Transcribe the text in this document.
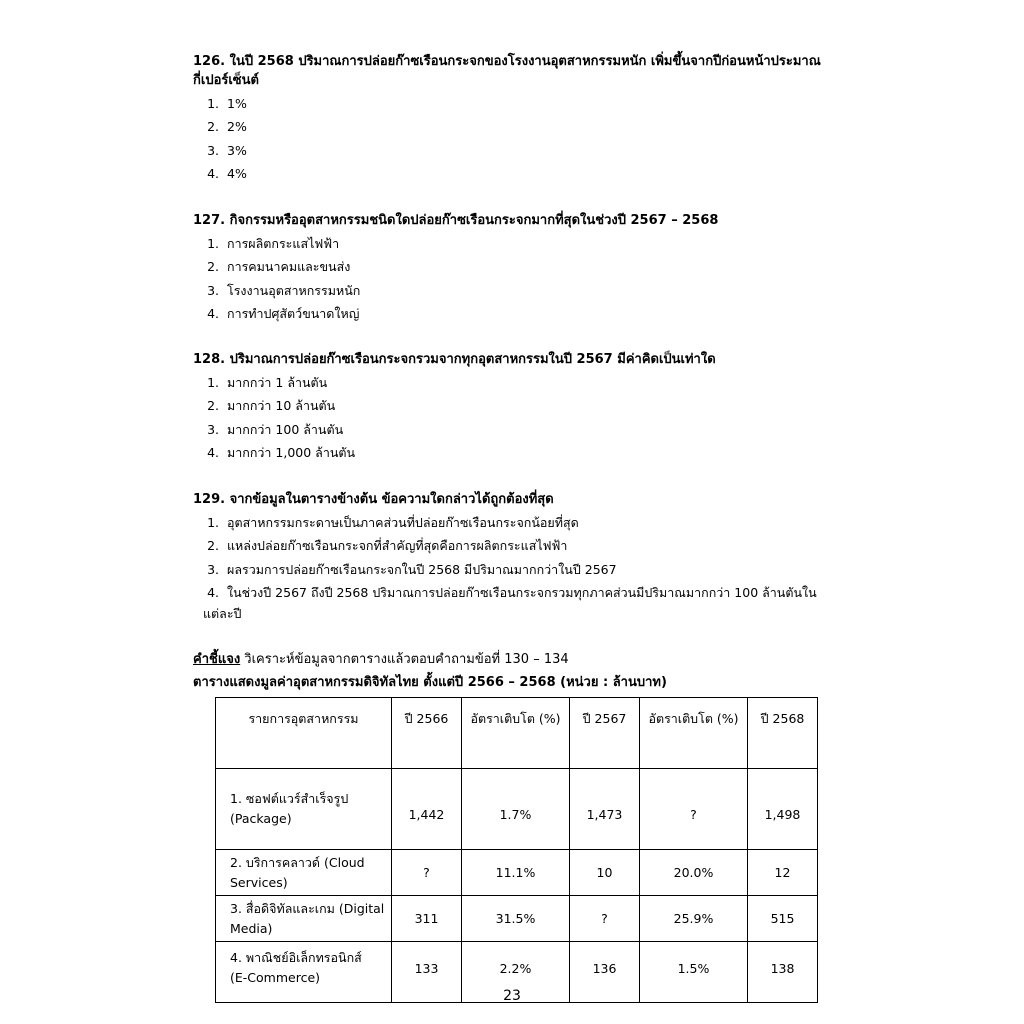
126. ในปี 2568 ปริมาณการปล่อยก๊าซเรือนกระจกของโรงงานอุตสาหกรรมหนัก เพิ่มขึ้นจากปีก่อนหน้าประมาณกี่เปอร์เซ็นต์

1. 1%
2. 2%
3. 3%
4. 4%

127. กิจกรรมหรืออุตสาหกรรมชนิดใดปล่อยก๊าซเรือนกระจกมากที่สุดในช่วงปี 2567 – 2568

1. การผลิตกระแสไฟฟ้า
2. การคมนาคมและขนส่ง
3. โรงงานอุตสาหกรรมหนัก
4. การทำปศุสัตว์ขนาดใหญ่

128. ปริมาณการปล่อยก๊าซเรือนกระจกรวมจากทุกอุตสาหกรรมในปี 2567 มีค่าคิดเป็นเท่าใด

1. มากกว่า 1 ล้านตัน
2. มากกว่า 10 ล้านตัน
3. มากกว่า 100 ล้านตัน
4. มากกว่า 1,000 ล้านตัน

129. จากข้อมูลในตารางข้างต้น ข้อความใดกล่าวได้ถูกต้องที่สุด

1. อุตสาหกรรมกระดาษเป็นภาคส่วนที่ปล่อยก๊าซเรือนกระจกน้อยที่สุด
2. แหล่งปล่อยก๊าซเรือนกระจกที่สำคัญที่สุดคือการผลิตกระแสไฟฟ้า
3. ผลรวมการปล่อยก๊าซเรือนกระจกในปี 2568 มีปริมาณมากกว่าในปี 2567
4. ในช่วงปี 2567 ถึงปี 2568 ปริมาณการปล่อยก๊าซเรือนกระจกรวมทุกภาคส่วนมีปริมาณมากกว่า 100 ล้านตันใน
แต่ละปี
คำชี้แจง วิเคราะห์ข้อมูลจากตารางแล้วตอบคำถามข้อที่ 130 – 134
ตารางแสดงมูลค่าอุตสาหกรรมดิจิทัลไทย ตั้งแต่ปี 2566 – 2568 (หน่วย : ล้านบาท)
รายการอุตสาหกรรม	ปี 2566	อัตราเติบโต (%)	ปี 2567	อัตราเติบโต (%)	ปี 2568
1. ซอฟต์แวร์สำเร็จรูป
(Package)	1,442	1.7%	1,473	?	1,498
2. บริการคลาวด์ (Cloud
Services)	?	11.1%	10	20.0%	12
3. สื่อดิจิทัลและเกม (Digital
Media)	311	31.5%	?	25.9%	515
4. พาณิชย์อิเล็กทรอนิกส์
(E-Commerce)	133	2.2%	136	1.5%	138
23
